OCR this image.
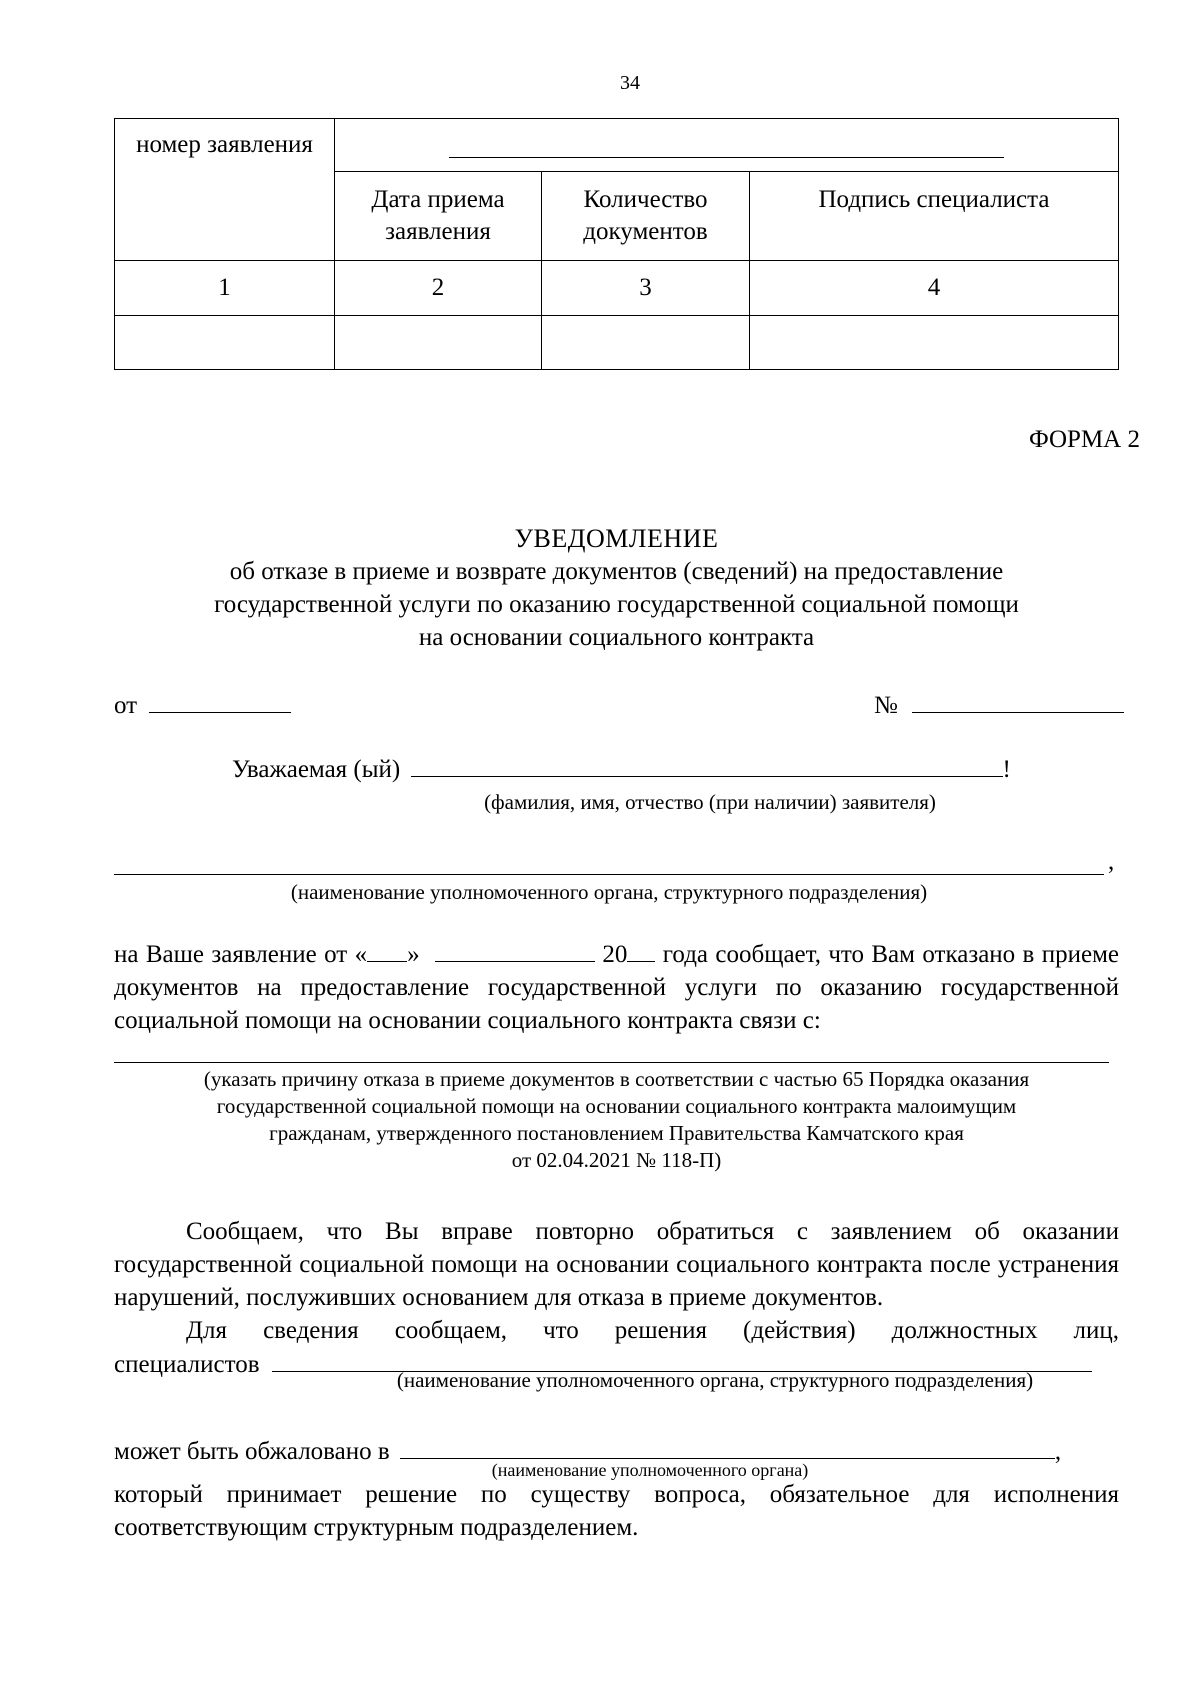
34
номер заявления			

	Дата приема заявления	Количество документов	Подпись специалиста

1	2	3	4

ФОРМА 2
УВЕДОМЛЕНИЕ
об отказе в приеме и возврате документов (сведений) на предоставление
государственной услуги по оказанию государственной социальной помощи
на основании социального контракта
от	№
Уважаемая (ый)	!
(фамилия, имя, отчество (при наличии) заявителя)
,
(наименование уполномоченного органа, структурного подразделения)
на Ваше заявление от « »	20 года сообщает, что Вам отказано в приеме документов на предоставление государственной услуги по оказанию государственной социальной помощи на основании социального контракта связи с:
(указать причину отказа в приеме документов в соответствии с частью 65 Порядка оказания
государственной социальной помощи на основании социального контракта малоимущим
гражданам, утвержденного постановлением Правительства Камчатского края
от 02.04.2021 № 118-П)
Сообщаем, что Вы вправе повторно обратиться с заявлением об оказании государственной социальной помощи на основании социального контракта после устранения нарушений, послуживших основанием для отказа в приеме документов.
Для сведения сообщаем, что решения (действия) должностных лиц,
специалистов
(наименование уполномоченного органа, структурного подразделения)
может быть обжаловано в	,
(наименование уполномоченного органа)
который принимает решение по существу вопроса, обязательное для исполнения соответствующим структурным подразделением.
